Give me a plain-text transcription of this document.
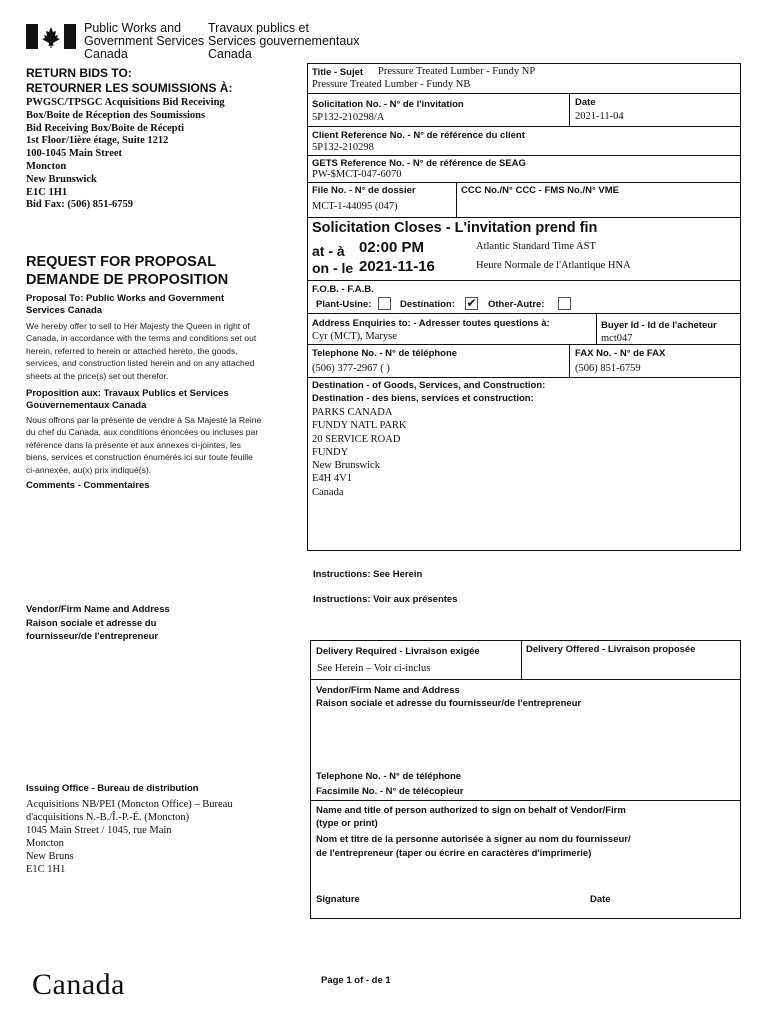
Public Works and
Government Services
Canada
Travaux publics et
Services gouvernementaux
Canada
RETURN BIDS TO:
RETOURNER LES SOUMISSIONS À:
PWGSC/TPSGC Acquisitions Bid Receiving
Box/Boite de Réception des Soumissions
Bid Receiving Box/Boite de Récepti
1st Floor/1ière étage, Suite 1212
100-1045 Main Street
Moncton
New Brunswick
E1C 1H1
Bid Fax: (506) 851-6759
REQUEST FOR PROPOSAL
DEMANDE DE PROPOSITION
Proposal To: Public Works and Government Services Canada
We hereby offer to sell to Her Majesty the Queen in right of Canada, in accordance with the terms and conditions set out herein, referred to herein or attached hereto, the goods, services, and construction listed herein and on any attached sheets at the price(s) set out therefor.
Proposition aux: Travaux Publics et Services Gouvernementaux Canada
Nous offrons par la présente de vendre à Sa Majesté la Reine du chef du Canada, aux conditions énoncées ou incluses par référence dans la présente et aux annexes ci-jointes, les biens, services et construction énumérés ici sur toute feuille ci-annexée, au(x) prix indiqué(s).
Comments - Commentaires
Vendor/Firm Name and Address
Raison sociale et adresse du
fournisseur/de l'entrepreneur
Issuing Office - Bureau de distribution
Acquisitions NB/PEI (Moncton Office) – Bureau
d'acquisitions N.-B./Î.-P.-É. (Moncton)
1045 Main Street / 1045, rue Main
Moncton
New Bruns
E1C 1H1
Canada
Title - Sujet Pressure Treated Lumber - Fundy NP
Pressure Treated Lumber - Fundy NB
Solicitation No. - N° de l'invitation
5P132-210298/A
Date
2021-11-04
Client Reference No. - N° de référence du client
5P132-210298
GETS Reference No. - N° de référence de SEAG
PW-$MCT-047-6070
File No. - N° de dossier
MCT-1-44095 (047)
CCC No./N° CCC - FMS No./N° VME
Solicitation Closes - L'invitation prend fin
at - à 02:00 PM
on - le 2021-11-16
Atlantic Standard Time AST
Heure Normale de l'Atlantique HNA
F.O.B. - F.A.B.
Plant-Usine:	Destination: ✔ Other-Autre:
Address Enquiries to: - Adresser toutes questions à:
Cyr (MCT), Maryse
Buyer Id - Id de l'acheteur
mct047
Telephone No. - N° de téléphone
(506) 377-2967 ( )
FAX No. - N° de FAX
(506) 851-6759
Destination - of Goods, Services, and Construction:
Destination - des biens, services et construction:
PARKS CANADA
FUNDY NATL PARK
20 SERVICE ROAD
FUNDY
New Brunswick
E4H 4V1
Canada
Instructions: See Herein
Instructions: Voir aux présentes
Delivery Required - Livraison exigée
See Herein – Voir ci-inclus
Delivery Offered - Livraison proposée
Vendor/Firm Name and Address
Raison sociale et adresse du fournisseur/de l'entrepreneur
Telephone No. - N° de téléphone
Facsimile No. - N° de télécopieur
Name and title of person authorized to sign on behalf of Vendor/Firm
(type or print)
Nom et titre de la personne autorisée à signer au nom du fournisseur/
de l'entrepreneur (taper ou écrire en caractères d'imprimerie)
Signature	Date
Page 1 of - de 1
